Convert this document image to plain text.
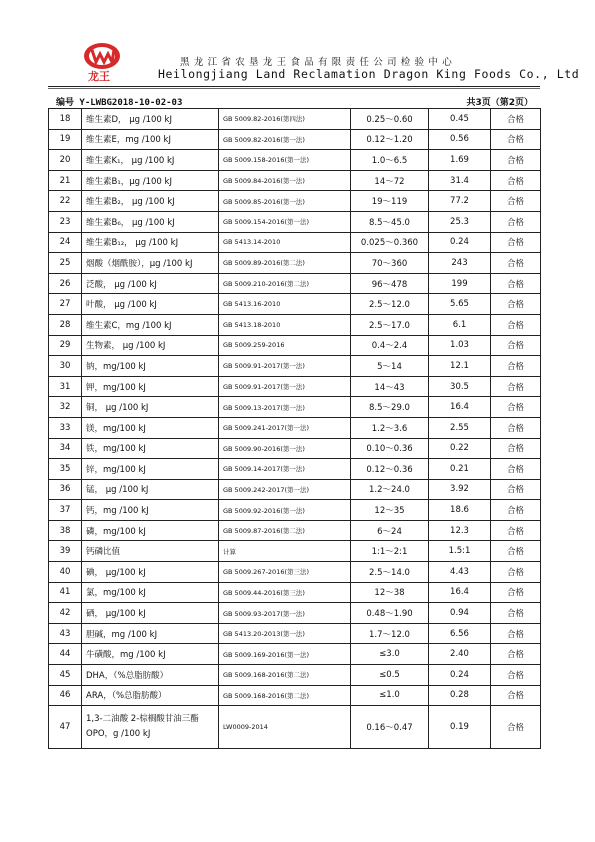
龙王
黑龙江省农垦龙王食品有限责任公司检验中心
Heilongjiang Land Reclamation Dragon King Foods Co., Ltd
编号 Y-LWBG2018-10-02-03	共3页（第2页）
18	维生素D， μg /100 kJ	GB 5009.82-2016(第四法)	0.25～0.60	0.45	合格
19	维生素E，mg /100 kJ	GB 5009.82-2016(第一法)	0.12～1.20	0.56	合格
20	维生素K₁， μg /100 kJ	GB 5009.158-2016(第一法)	1.0～6.5	1.69	合格
21	维生素B₁，μg /100 kJ	GB 5009.84-2016(第一法)	14～72	31.4	合格
22	维生素B₂， μg /100 kJ	GB 5009.85-2016(第一法)	19～119	77.2	合格
23	维生素B₆， μg /100 kJ	GB 5009.154-2016(第一法)	8.5～45.0	25.3	合格
24	维生素B₁₂， μg /100 kJ	GB 5413.14-2010	0.025～0.360	0.24	合格
25	烟酸（烟酰胺），μg /100 kJ	GB 5009.89-2016(第二法)	70～360	243	合格
26	泛酸， μg /100 kJ	GB 5009.210-2016(第二法)	96～478	199	合格
27	叶酸， μg /100 kJ	GB 5413.16-2010	2.5～12.0	5.65	合格
28	维生素C，mg /100 kJ	GB 5413.18-2010	2.5～17.0	6.1	合格
29	生物素， μg /100 kJ	GB 5009.259-2016	0.4～2.4	1.03	合格
30	钠，mg/100 kJ	GB 5009.91-2017(第一法)	5～14	12.1	合格
31	钾，mg/100 kJ	GB 5009.91-2017(第一法)	14～43	30.5	合格
32	铜， μg /100 kJ	GB 5009.13-2017(第一法)	8.5～29.0	16.4	合格
33	镁，mg/100 kJ	GB 5009.241-2017(第一法)	1.2～3.6	2.55	合格
34	铁，mg/100 kJ	GB 5009.90-2016(第一法)	0.10～0.36	0.22	合格
35	锌，mg/100 kJ	GB 5009.14-2017(第一法)	0.12～0.36	0.21	合格
36	锰， μg /100 kJ	GB 5009.242-2017(第一法)	1.2～24.0	3.92	合格
37	钙，mg /100 kJ	GB 5009.92-2016(第一法)	12～35	18.6	合格
38	磷，mg/100 kJ	GB 5009.87-2016(第二法)	6～24	12.3	合格
39	钙磷比值	计算	1:1～2:1	1.5:1	合格
40	碘， μg/100 kJ	GB 5009.267-2016(第三法)	2.5～14.0	4.43	合格
41	氯，mg/100 kJ	GB 5009.44-2016(第三法)	12～38	16.4	合格
42	硒， μg/100 kJ	GB 5009.93-2017(第一法)	0.48～1.90	0.94	合格
43	胆碱，mg /100 kJ	GB 5413.20-2013(第一法)	1.7～12.0	6.56	合格
44	牛磺酸，mg /100 kJ	GB 5009.169-2016(第一法)	≤3.0	2.40	合格
45	DHA，（%总脂肪酸）	GB 5009.168-2016(第二法)	≤0.5	0.24	合格
46	ARA，（%总脂肪酸）	GB 5009.168-2016(第二法)	≤1.0	0.28	合格
47	1,3-二油酸 2-棕榈酸甘油三酯OPO，g /100 kJ	LW0009-2014	0.16～0.47	0.19	合格
